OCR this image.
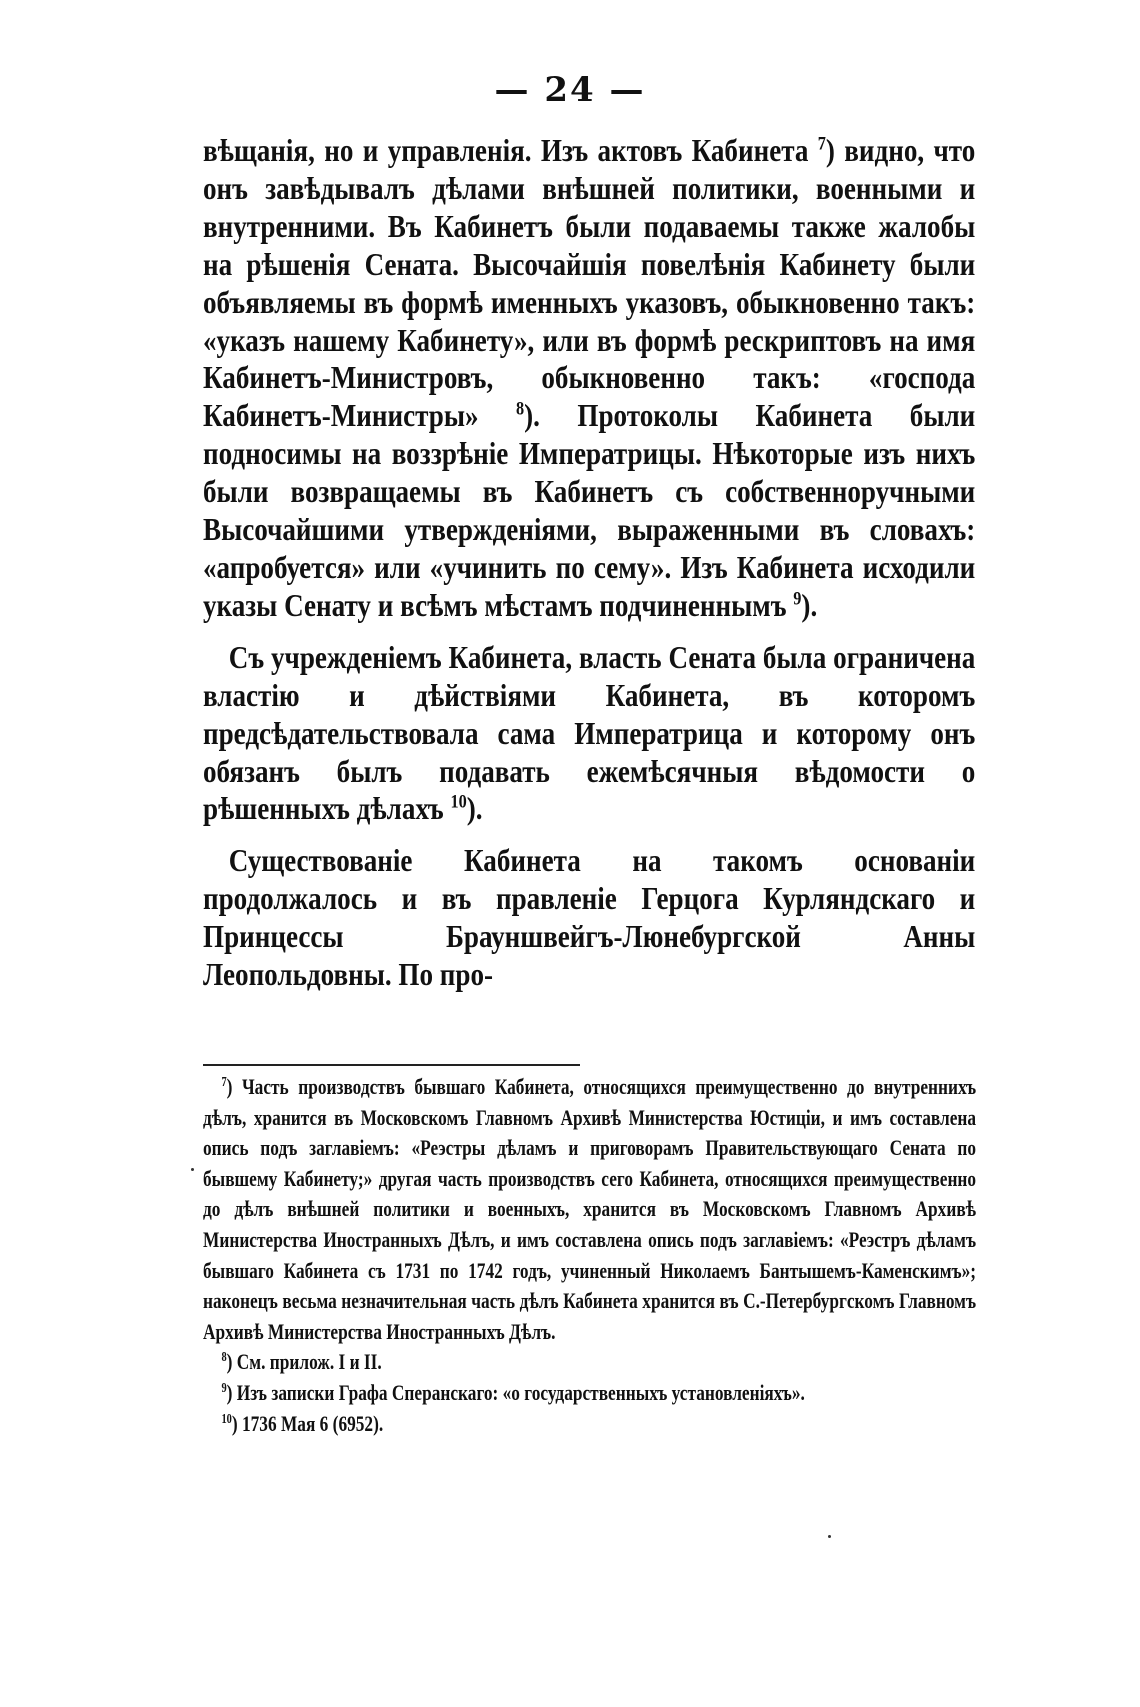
— 24 —

вѣщанія, но и управленія. Изъ актовъ Кабинета $^7$) видно, что онъ завѣдывалъ дѣлами внѣшней политики, военными и внутренними. Въ Кабинетъ были подаваемы также жалобы на рѣшенія Сената. Высочайшія повелѣнія Кабинету были объявляемы въ формѣ именныхъ указовъ, обыкновенно такъ: «указъ нашему Кабинету», или въ формѣ рескриптовъ на имя Кабинетъ-Министровъ, обыкновенно такъ: «господа Кабинетъ-Министры» $^8$). Протоколы Кабинета были подносимы на воззрѣніе Императрицы. Нѣкоторые изъ нихъ были возвращаемы въ Кабинетъ съ собственноручными Высочайшими утвержденіями, выраженными въ словахъ: «апробуется» или «учинить по сему». Изъ Кабинета исходили указы Сенату и всѣмъ мѣстамъ подчиненнымъ $^9$).

Съ учрежденіемъ Кабинета, власть Сената была ограничена властію и дѣйствіями Кабинета, въ которомъ предсѣдательствовала сама Императрица и которому онъ обязанъ былъ подавать ежемѣсячныя вѣдомости о рѣшенныхъ дѣлахъ $^{10}$).

Существованіе Кабинета на такомъ основаніи продолжалось и въ правленіе Герцога Курляндскаго и Принцессы Брауншвейгъ-Люнебургской Анны Леопольдовны. По про-

$^7$) Часть производствъ бывшаго Кабинета, относящихся преимущественно до внутреннихъ дѣлъ, хранится въ Московскомъ Главномъ Архивѣ Министерства Юстиціи, и имъ составлена опись подъ заглавіемъ: «Реэстры дѣламъ и приговорамъ Правительствующаго Сената по бывшему Кабинету;» другая часть производствъ сего Кабинета, относящихся преимущественно до дѣлъ внѣшней политики и военныхъ, хранится въ Московскомъ Главномъ Архивѣ Министерства Иностранныхъ Дѣлъ, и имъ составлена опись подъ заглавіемъ: «Реэстръ дѣламъ бывшаго Кабинета съ 1731 по 1742 годъ, учиненный Николаемъ Бантышемъ-Каменскимъ»; наконецъ весьма незначительная часть дѣлъ Кабинета хранится въ С.-Петербургскомъ Главномъ Архивѣ Министерства Иностранныхъ Дѣлъ.

$^8$) См. прилож. I и II.

$^9$) Изъ записки Графа Сперанскаго: «о государственныхъ установленіяхъ».

$^{10}$) 1736 Мая 6 (6952).
